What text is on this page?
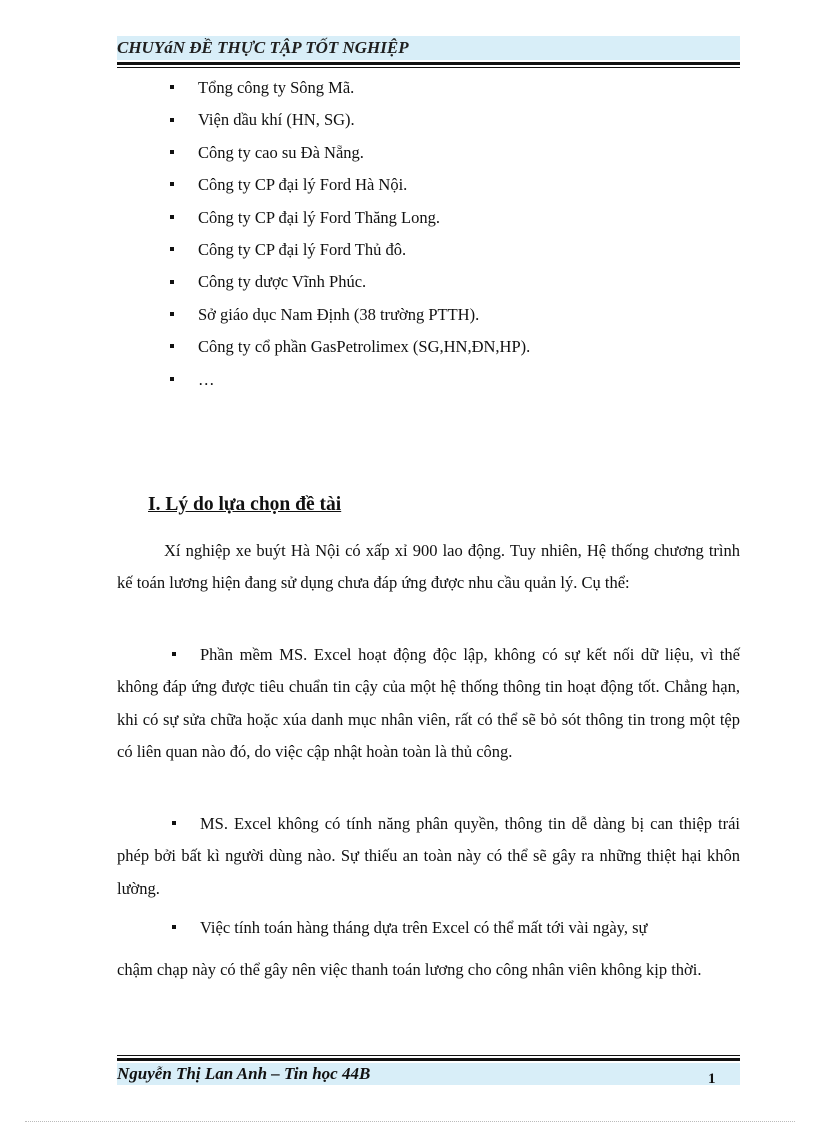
CHUYáN ĐỀ THỰC TẬP TỐT NGHIỆP
Tổng công ty Sông Mã.
Viện dầu khí (HN, SG).
Công ty cao su Đà Nẵng.
Công ty CP đại lý Ford Hà Nội.
Công ty CP đại lý Ford Thăng Long.
Công ty CP đại lý Ford Thủ đô.
Công ty dược Vĩnh Phúc.
Sở giáo dục Nam Định (38 trường PTTH).
Công ty cổ phần GasPetrolimex (SG,HN,ĐN,HP).
…
I. Lý do lựa chọn đề tài

Xí nghiệp xe buýt Hà Nội có xấp xỉ 900 lao động. Tuy nhiên, Hệ thống chương trình kế toán lương hiện đang sử dụng chưa đáp ứng được nhu cầu quản lý. Cụ thể:

Phần mềm MS. Excel hoạt động độc lập, không có sự kết nối dữ liệu, vì thế không đáp ứng được tiêu chuẩn tin cậy của một hệ thống thông tin hoạt động tốt. Chẳng hạn, khi có sự sửa chữa hoặc xúa danh mục nhân viên, rất có thể sẽ bỏ sót thông tin trong một tệp có liên quan nào đó, do việc cập nhật hoàn toàn là thủ công.

MS. Excel không có tính năng phân quyền, thông tin dễ dàng bị can thiệp trái phép bởi bất kì người dùng nào. Sự thiếu an toàn này có thể sẽ gây ra những thiệt hại khôn lường.

Việc tính toán hàng tháng dựa trên Excel có thể mất tới vài ngày, sự

chậm chạp này có thể gây nên việc thanh toán lương cho công nhân viên không kịp thời.

Nguyễn Thị Lan Anh – Tin học 44B	1
